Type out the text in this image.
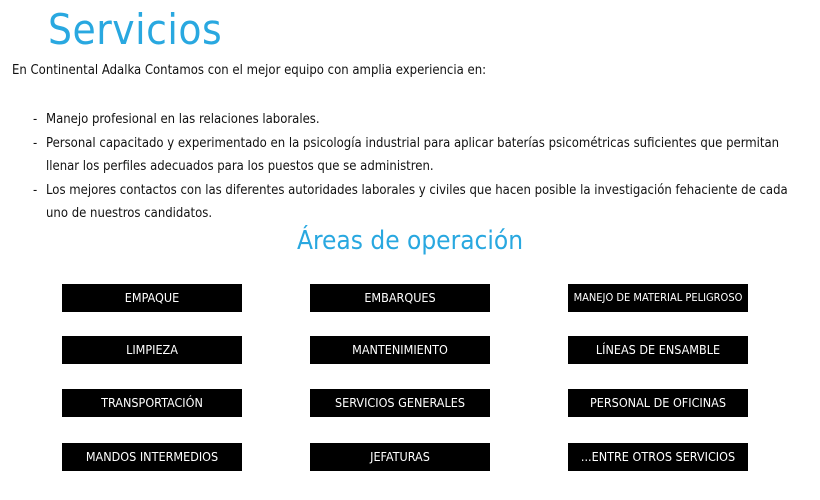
Servicios

En Continental Adalka Contamos con el mejor equipo con amplia experiencia en:

- Manejo profesional en las relaciones laborales.
- Personal capacitado y experimentado en la psicología industrial para aplicar baterías psicométricas suficientes que permitan llenar los perfiles adecuados para los puestos que se administren.
- Los mejores contactos con las diferentes autoridades laborales y civiles que hacen posible la investigación fehaciente de cada uno de nuestros candidatos.
Áreas de operación
EMPAQUE	EMBARQUES	MANEJO DE MATERIAL PELIGROSO
LIMPIEZA	MANTENIMIENTO	LÍNEAS DE ENSAMBLE
TRANSPORTACIÓN	SERVICIOS GENERALES	PERSONAL DE OFICINAS
MANDOS INTERMEDIOS	JEFATURAS	...ENTRE OTROS SERVICIOS
